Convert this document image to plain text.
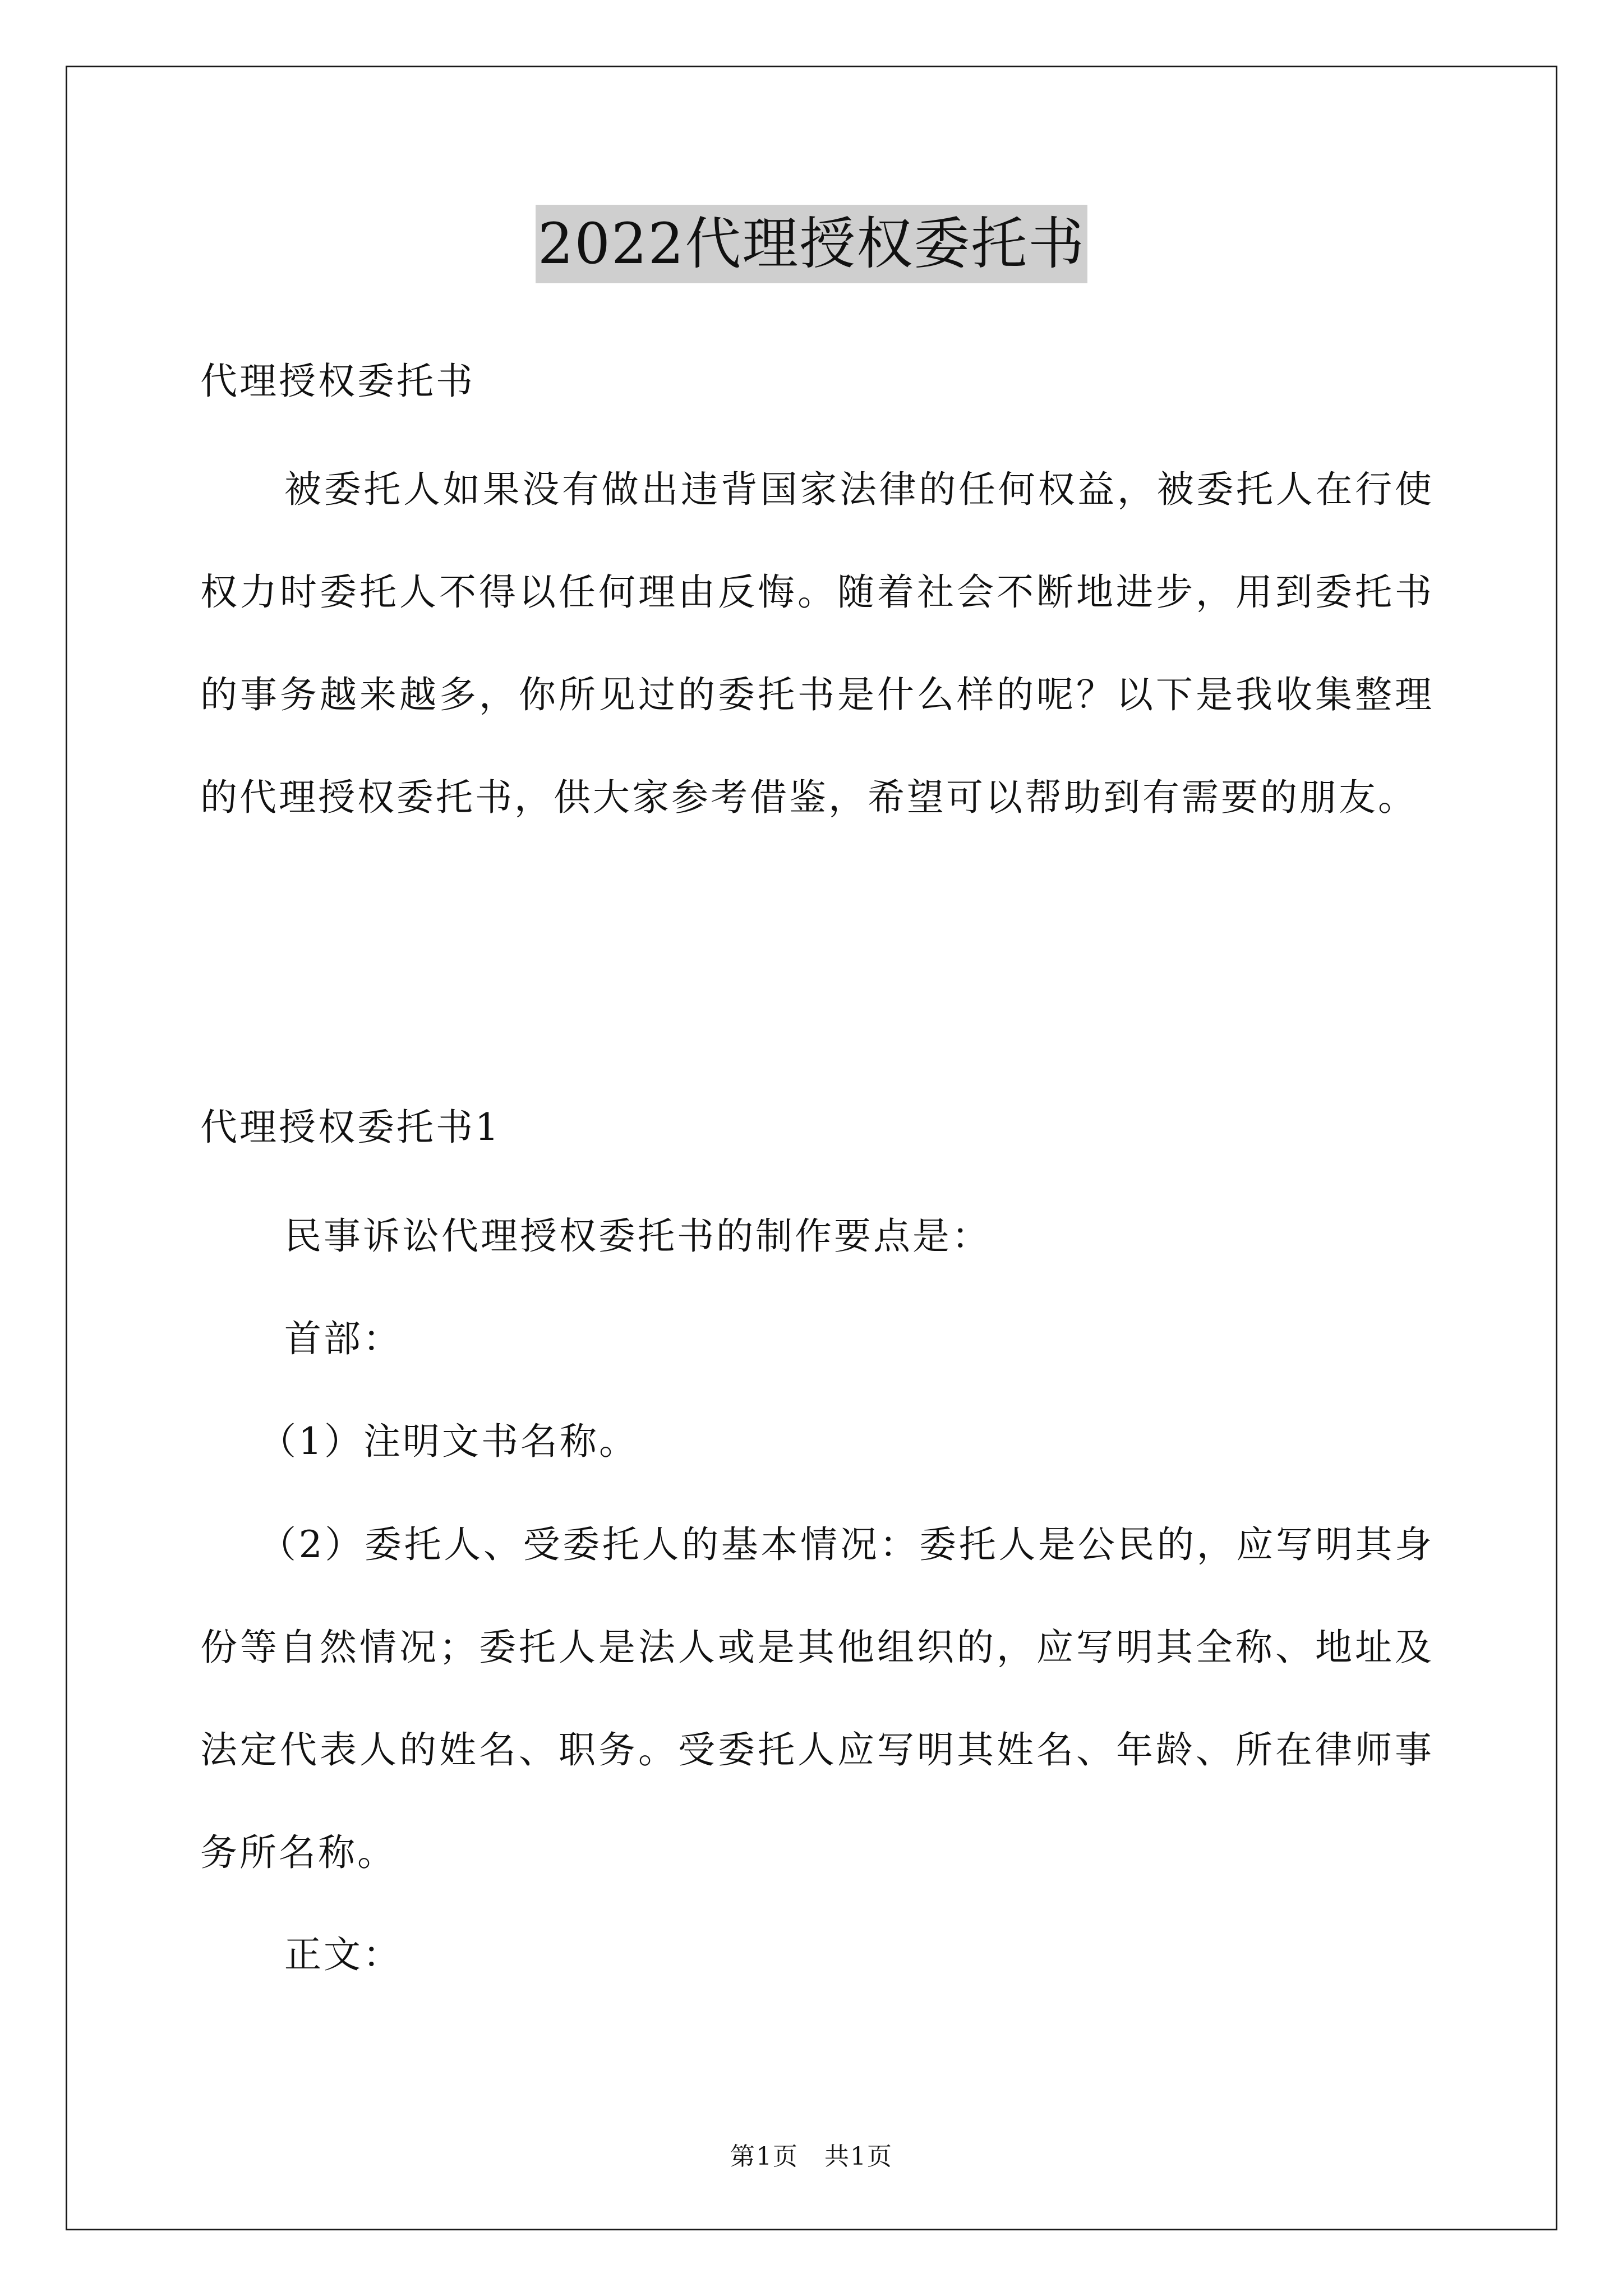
2022代理授权委托书
代理授权委托书
被委托人如果没有做出违背国家法律的任何权益，被委托人在行使权力时委托人不得以任何理由反悔。随着社会不断地进步，用到委托书的事务越来越多，你所见过的委托书是什么样的呢？以下是我收集整理的代理授权委托书，供大家参考借鉴，希望可以帮助到有需要的朋友。
代理授权委托书1
民事诉讼代理授权委托书的制作要点是：
首部：
（1）注明文书名称。
（2）委托人、受委托人的基本情况：委托人是公民的，应写明其身份等自然情况；委托人是法人或是其他组织的，应写明其全称、地址及法定代表人的姓名、职务。受委托人应写明其姓名、年龄、所在律师事务所名称。
正文：
第1页　共1页
